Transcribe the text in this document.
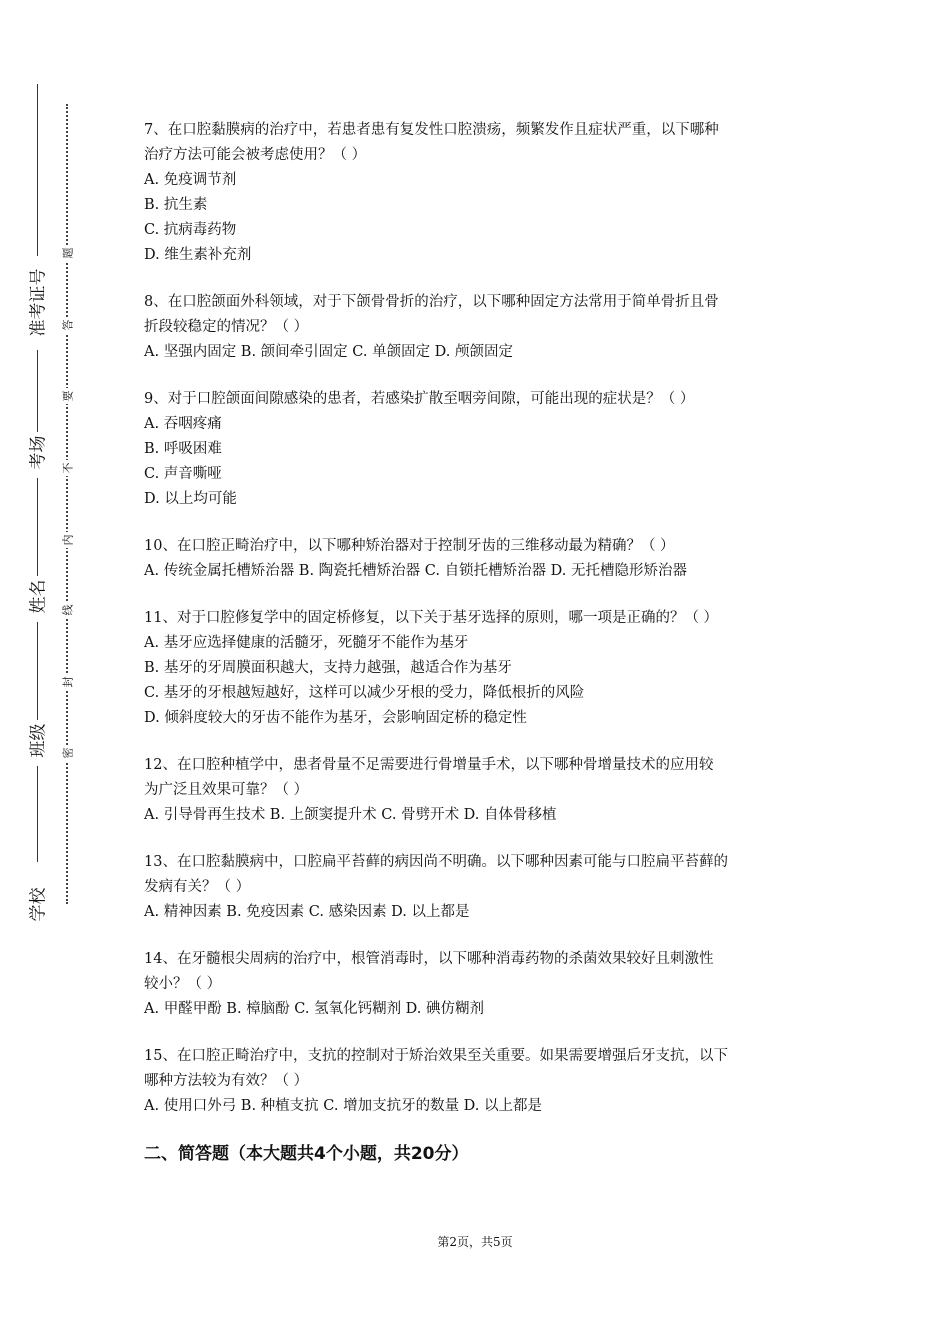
准考证号
考场
姓名
班级
学校
题
答
要
不
内
线
封
密
7、在口腔黏膜病的治疗中，若患者患有复发性口腔溃疡，频繁发作且症状严重，以下哪种
治疗方法可能会被考虑使用？（ ）
A. 免疫调节剂
B. 抗生素
C. 抗病毒药物
D. 维生素补充剂
8、在口腔颌面外科领域，对于下颌骨骨折的治疗，以下哪种固定方法常用于简单骨折且骨
折段较稳定的情况？（ ）
A. 坚强内固定 B. 颌间牵引固定 C. 单颌固定 D. 颅颌固定
9、对于口腔颌面间隙感染的患者，若感染扩散至咽旁间隙，可能出现的症状是？（ ）
A. 吞咽疼痛
B. 呼吸困难
C. 声音嘶哑
D. 以上均可能
10、在口腔正畸治疗中，以下哪种矫治器对于控制牙齿的三维移动最为精确？（ ）
A. 传统金属托槽矫治器 B. 陶瓷托槽矫治器 C. 自锁托槽矫治器 D. 无托槽隐形矫治器
11、对于口腔修复学中的固定桥修复，以下关于基牙选择的原则，哪一项是正确的？（ ）
A. 基牙应选择健康的活髓牙，死髓牙不能作为基牙
B. 基牙的牙周膜面积越大，支持力越强，越适合作为基牙
C. 基牙的牙根越短越好，这样可以减少牙根的受力，降低根折的风险
D. 倾斜度较大的牙齿不能作为基牙，会影响固定桥的稳定性
12、在口腔种植学中，患者骨量不足需要进行骨增量手术，以下哪种骨增量技术的应用较
为广泛且效果可靠？（ ）
A. 引导骨再生技术 B. 上颌窦提升术 C. 骨劈开术 D. 自体骨移植
13、在口腔黏膜病中，口腔扁平苔藓的病因尚不明确。以下哪种因素可能与口腔扁平苔藓的
发病有关？（ ）
A. 精神因素 B. 免疫因素 C. 感染因素 D. 以上都是
14、在牙髓根尖周病的治疗中，根管消毒时，以下哪种消毒药物的杀菌效果较好且刺激性
较小？（ ）
A. 甲醛甲酚 B. 樟脑酚 C. 氢氧化钙糊剂 D. 碘仿糊剂
15、在口腔正畸治疗中，支抗的控制对于矫治效果至关重要。如果需要增强后牙支抗，以下
哪种方法较为有效？（ ）
A. 使用口外弓 B. 种植支抗 C. 增加支抗牙的数量 D. 以上都是
二、简答题（本大题共4个小题，共20分）
第2页，共5页
